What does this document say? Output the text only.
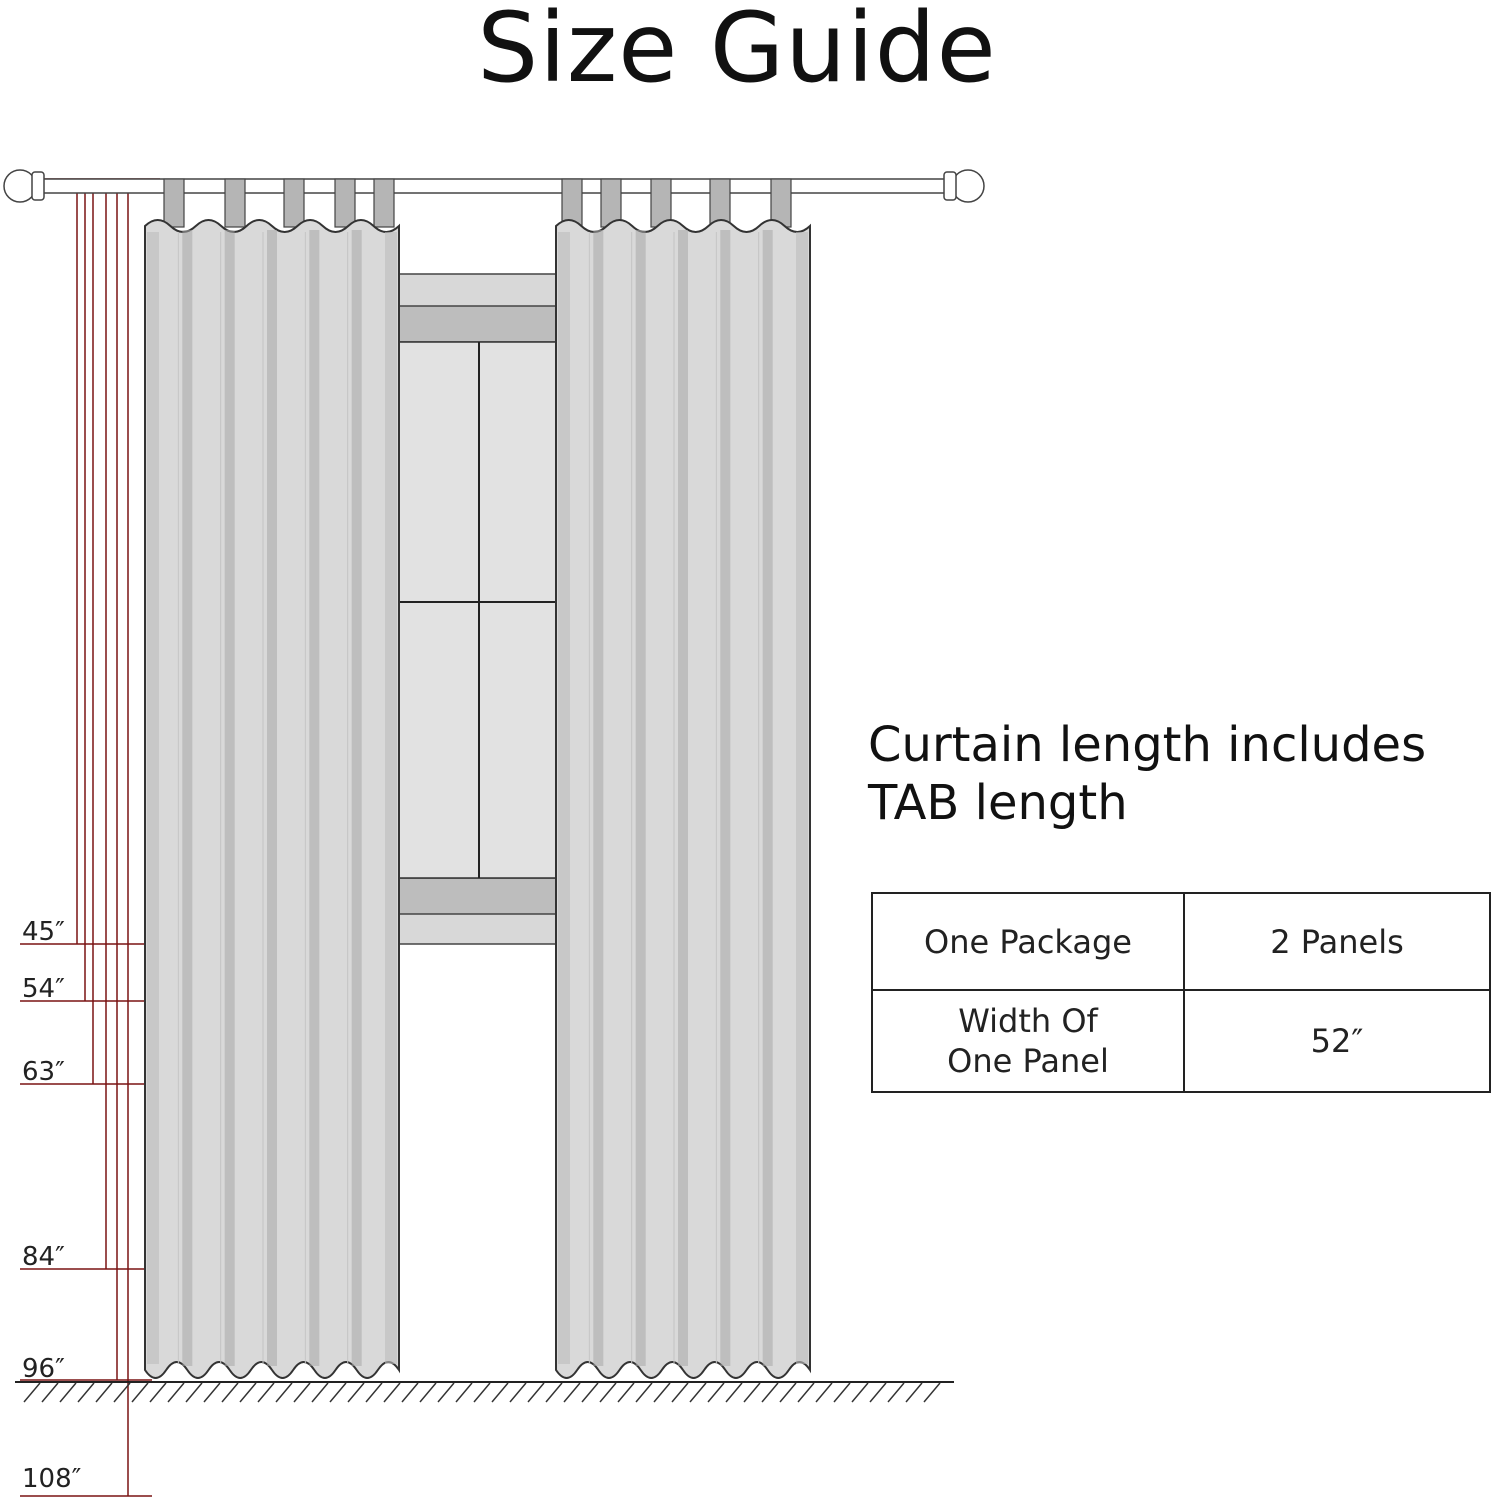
Size Guide
45″
54″
63″
84″
96″
108″
Curtain length includes
TAB length
One Package	2 Panels

Width Of
One Panel	52″
